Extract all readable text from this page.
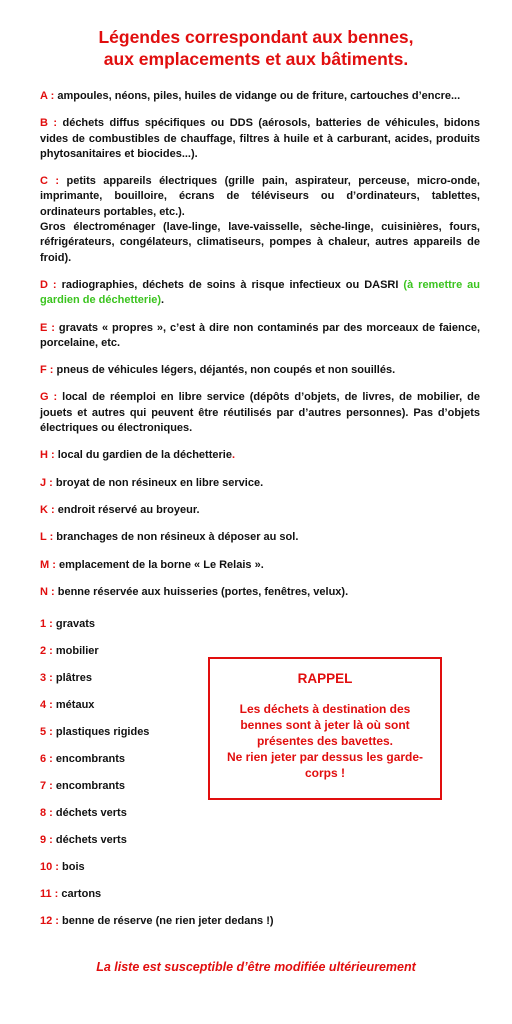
Légendes correspondant aux bennes,
aux emplacements et aux bâtiments.

A : ampoules, néons, piles, huiles de vidange ou de friture, cartouches d’encre...

B : déchets diffus spécifiques ou DDS (aérosols, batteries de véhicules, bidons vides de combustibles de chauffage, filtres à huile et à carburant, acides, produits phytosanitaires et biocides...).

C : petits appareils électriques (grille pain, aspirateur, perceuse, micro-onde, imprimante, bouilloire, écrans de téléviseurs ou d’ordinateurs, tablettes, ordinateurs portables, etc.).
Gros électroménager (lave-linge, lave-vaisselle, sèche-linge, cuisinières, fours, réfrigérateurs, congélateurs, climatiseurs, pompes à chaleur, autres appareils de froid).

D : radiographies, déchets de soins à risque infectieux ou DASRI (à remettre au gardien de déchetterie).

E : gravats « propres », c’est à dire non contaminés par des morceaux de faience, porcelaine, etc.

F : pneus de véhicules légers, déjantés, non coupés et non souillés.

G : local de réemploi en libre service (dépôts d’objets, de livres, de mobilier, de jouets et autres qui peuvent être réutilisés par d’autres personnes). Pas d’objets électriques ou électroniques.

H : local du gardien de la déchetterie.

J : broyat de non résineux en libre service.

K : endroit réservé au broyeur.

L : branchages de non résineux à déposer au sol.

M : emplacement de la borne « Le Relais ».

N : benne réservée aux huisseries (portes, fenêtres, velux).

1 : gravats
2 : mobilier
3 : plâtres
4 : métaux
5 : plastiques rigides
6 : encombrants
7 : encombrants
8 : déchets verts
9 : déchets verts
10 : bois
11 : cartons
12 : benne de réserve (ne rien jeter dedans !)
RAPPEL
Les déchets à destination des bennes sont à jeter là où sont présentes des bavettes.
Ne rien jeter par dessus les garde-corps !
La liste est susceptible d’être modifiée ultérieurement
